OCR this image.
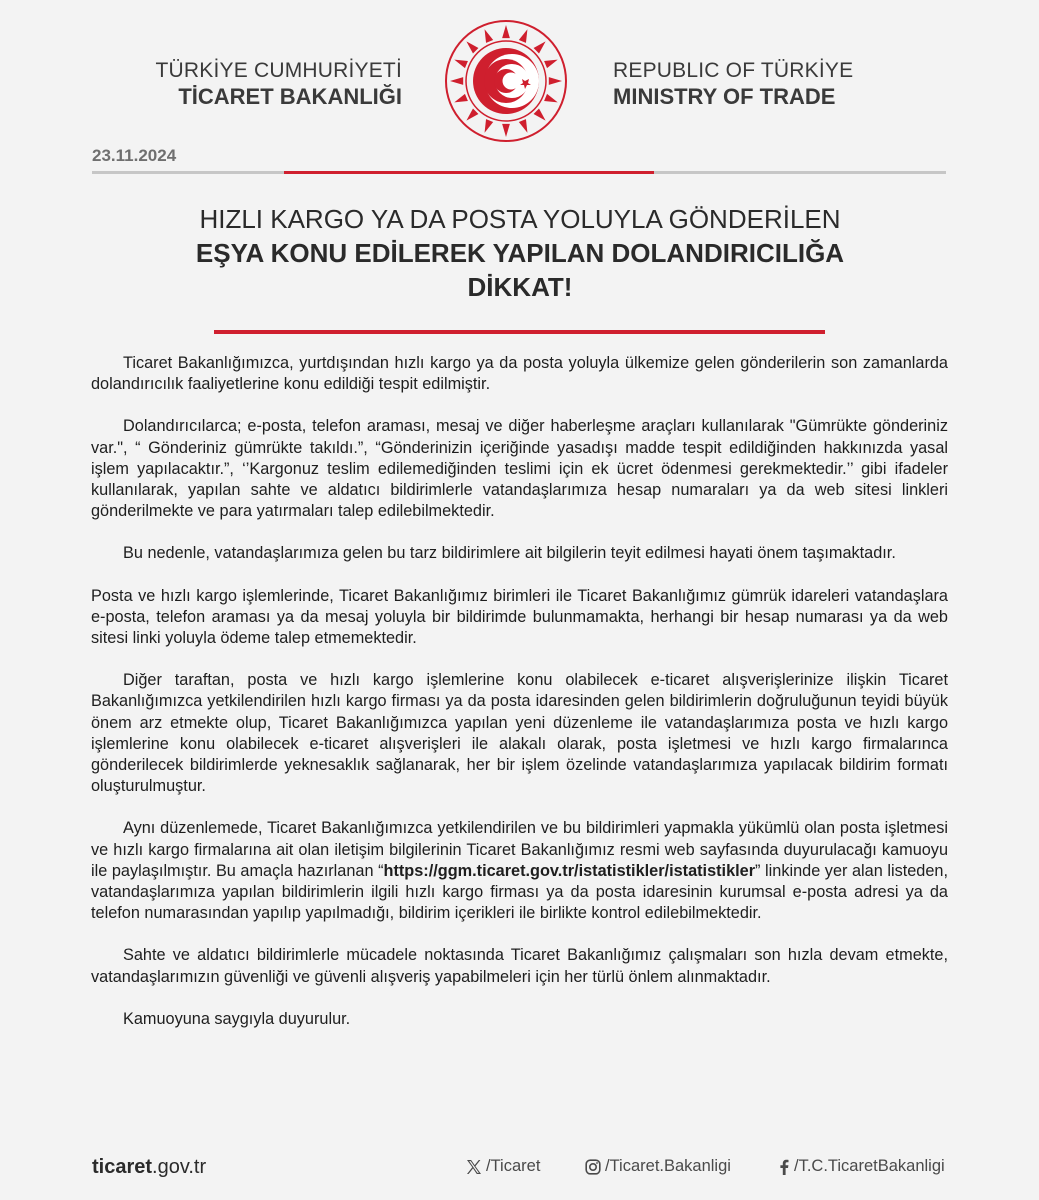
TÜRKİYE CUMHURİYETİ
TİCARET BAKANLIĞI
REPUBLIC OF TÜRKİYE
MINISTRY OF TRADE
23.11.2024
HIZLI KARGO YA DA POSTA YOLUYLA GÖNDERİLEN
EŞYA KONU EDİLEREK YAPILAN DOLANDIRICILIĞA
DİKKAT!

Ticaret Bakanlığımızca, yurtdışından hızlı kargo ya da posta yoluyla ülkemize gelen gönderilerin son zamanlarda dolandırıcılık faaliyetlerine konu edildiği tespit edilmiştir.

Dolandırıcılarca; e-posta, telefon araması, mesaj ve diğer haberleşme araçları kullanılarak "Gümrükte gönderiniz var.", “ Gönderiniz gümrükte takıldı.”, “Gönderinizin içeriğinde yasadışı madde tespit edildiğinden hakkınızda yasal işlem yapılacaktır.”, ‘’Kargonuz teslim edilemediğinden teslimi için ek ücret ödenmesi gerekmektedir.’’ gibi ifadeler kullanılarak, yapılan sahte ve aldatıcı bildirimlerle vatandaşlarımıza hesap numaraları ya da web sitesi linkleri gönderilmekte ve para yatırmaları talep edilebilmektedir.

Bu nedenle, vatandaşlarımıza gelen bu tarz bildirimlere ait bilgilerin teyit edilmesi hayati önem taşımaktadır.

Posta ve hızlı kargo işlemlerinde, Ticaret Bakanlığımız birimleri ile Ticaret Bakanlığımız gümrük idareleri vatandaşlara e-posta, telefon araması ya da mesaj yoluyla bir bildirimde bulunmamakta, herhangi bir hesap numarası ya da web sitesi linki yoluyla ödeme talep etmemektedir.

Diğer taraftan, posta ve hızlı kargo işlemlerine konu olabilecek e-ticaret alışverişlerinize ilişkin Ticaret Bakanlığımızca yetkilendirilen hızlı kargo firması ya da posta idaresinden gelen bildirimlerin doğruluğunun teyidi büyük önem arz etmekte olup, Ticaret Bakanlığımızca yapılan yeni düzenleme ile vatandaşlarımıza posta ve hızlı kargo işlemlerine konu olabilecek e-ticaret alışverişleri ile alakalı olarak, posta işletmesi ve hızlı kargo firmalarınca gönderilecek bildirimlerde yeknesaklık sağlanarak, her bir işlem özelinde vatandaşlarımıza yapılacak bildirim formatı oluşturulmuştur.

Aynı düzenlemede, Ticaret Bakanlığımızca yetkilendirilen ve bu bildirimleri yapmakla yükümlü olan posta işletmesi ve hızlı kargo firmalarına ait olan iletişim bilgilerinin Ticaret Bakanlığımız resmi web sayfasında duyurulacağı kamuoyu ile paylaşılmıştır. Bu amaçla hazırlanan “https://ggm.ticaret.gov.tr/istatistikler/istatistikler” linkinde yer alan listeden, vatandaşlarımıza yapılan bildirimlerin ilgili hızlı kargo firması ya da posta idaresinin kurumsal e-posta adresi ya da telefon numarasından yapılıp yapılmadığı, bildirim içerikleri ile birlikte kontrol edilebilmektedir.

Sahte ve aldatıcı bildirimlerle mücadele noktasında Ticaret Bakanlığımız çalışmaları son hızla devam etmekte, vatandaşlarımızın güvenliği ve güvenli alışveriş yapabilmeleri için her türlü önlem alınmaktadır.

Kamuoyuna saygıyla duyurulur.

ticaret.gov.tr	/Ticaret	/Ticaret.Bakanligi	/T.C.TicaretBakanligi
